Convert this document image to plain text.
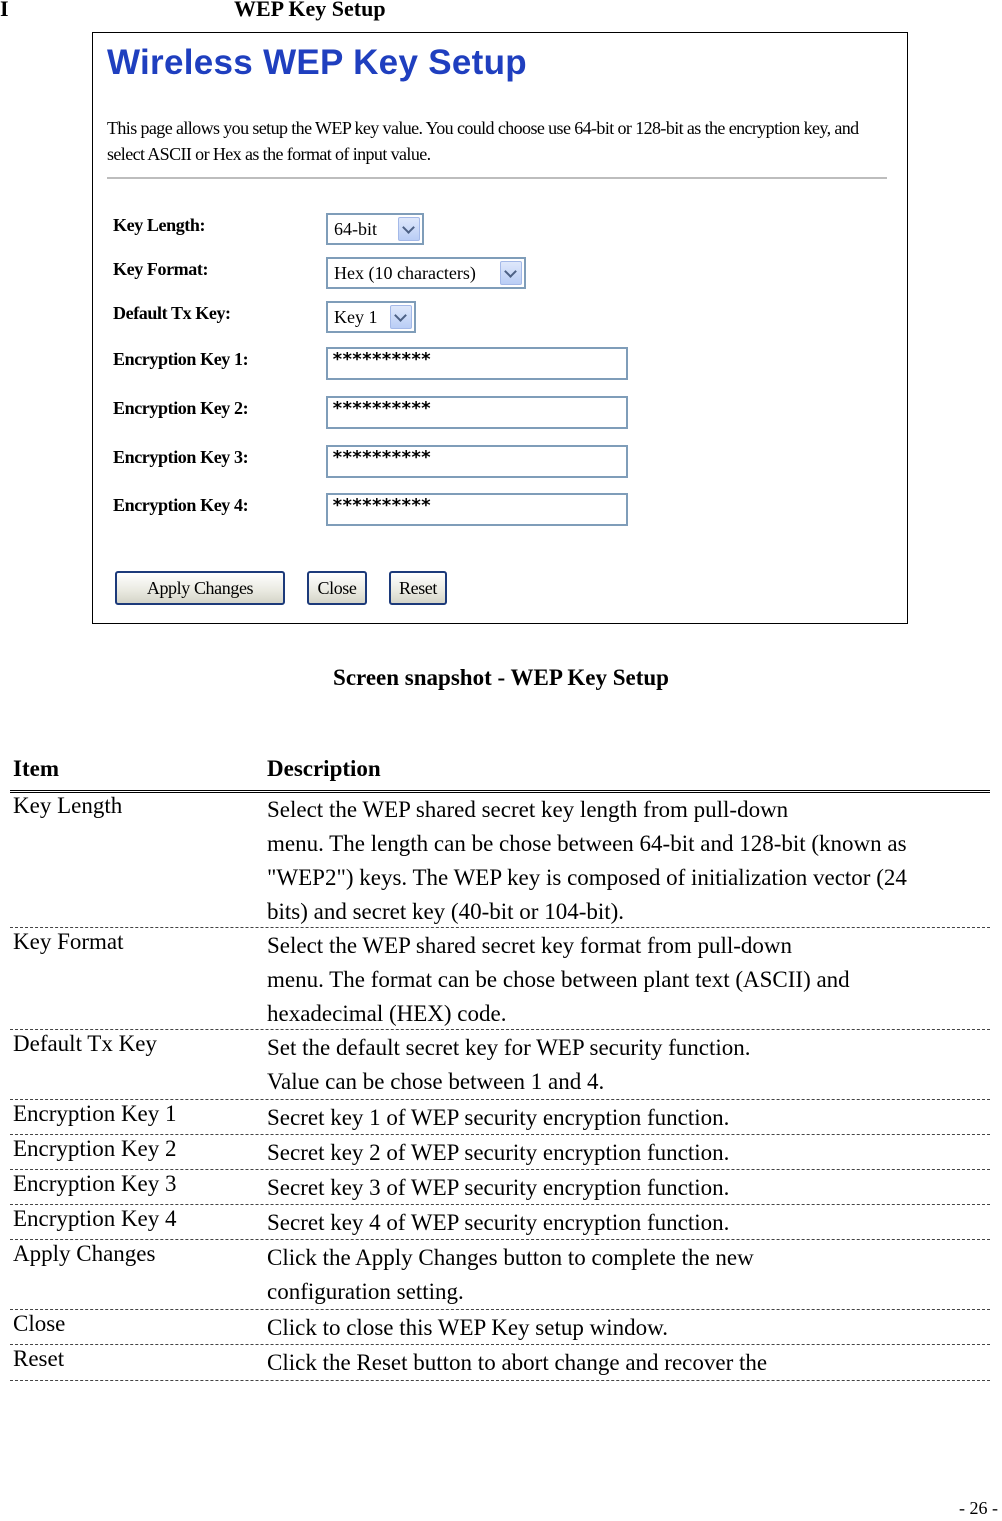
I	WEP Key Setup
Wireless WEP Key Setup
This page allows you setup the WEP key value. You could choose use 64-bit or 128-bit as the encryption key, and select ASCII or Hex as the format of input value.
Key Length:	64-bit
Key Format:	Hex (10 characters)
Default Tx Key:	Key 1
Encryption Key 1:	**********
Encryption Key 2:	**********
Encryption Key 3:	**********
Encryption Key 4:	**********
Apply Changes	Close	Reset
Screen snapshot - WEP Key Setup
Item	Description
Key Length	Select the WEP shared secret key length from pull-down
menu. The length can be chose between 64-bit and 128-bit (known as
"WEP2") keys. The WEP key is composed of initialization vector (24
bits) and secret key (40-bit or 104-bit).
Key Format	Select the WEP shared secret key format from pull-down
menu. The format can be chose between plant text (ASCII) and
hexadecimal (HEX) code.
Default Tx Key	Set the default secret key for WEP security function.
Value can be chose between 1 and 4.
Encryption Key 1	Secret key 1 of WEP security encryption function.
Encryption Key 2	Secret key 2 of WEP security encryption function.
Encryption Key 3	Secret key 3 of WEP security encryption function.
Encryption Key 4	Secret key 4 of WEP security encryption function.
Apply Changes	Click the Apply Changes button to complete the new
configuration setting.
Close	Click to close this WEP Key setup window.
Reset	Click the Reset button to abort change and recover the
- 26 -
